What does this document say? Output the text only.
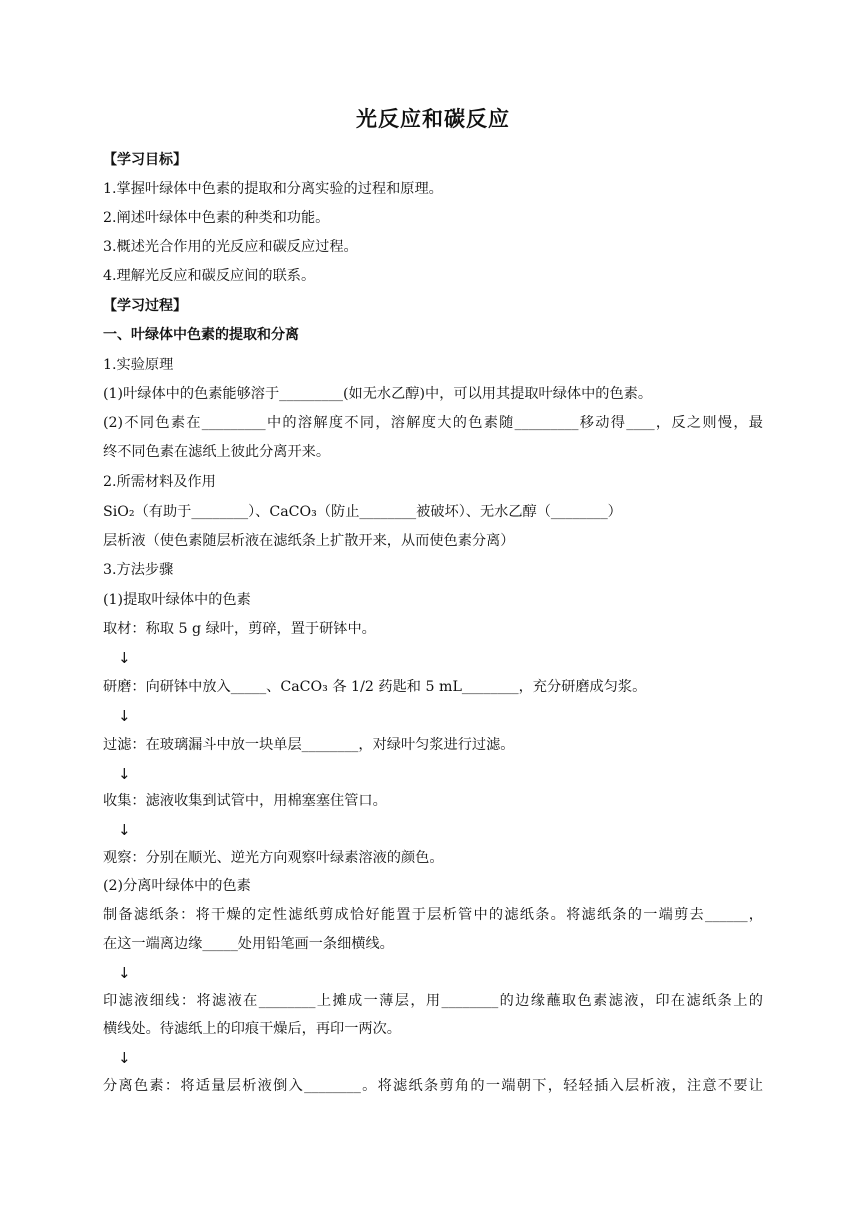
光反应和碳反应
【学习目标】
1.掌握叶绿体中色素的提取和分离实验的过程和原理。
2.阐述叶绿体中色素的种类和功能。
3.概述光合作用的光反应和碳反应过程。
4.理解光反应和碳反应间的联系。
【学习过程】
一、叶绿体中色素的提取和分离
1.实验原理
(1)叶绿体中的色素能够溶于_________(如无水乙醇)中，可以用其提取叶绿体中的色素。
(2)不同色素在_________中的溶解度不同，溶解度大的色素随_________移动得____，反之则慢，最
终不同色素在滤纸上彼此分离开来。
2.所需材料及作用
SiO₂（有助于________）、CaCO₃（防止________被破坏）、无水乙醇（________）
层析液（使色素随层析液在滤纸条上扩散开来，从而使色素分离）
3.方法步骤
(1)提取叶绿体中的色素
取材：称取 5 g 绿叶，剪碎，置于研钵中。
↓
研磨：向研钵中放入_____、CaCO₃ 各 1/2 药匙和 5 mL________，充分研磨成匀浆。
↓
过滤：在玻璃漏斗中放一块单层________，对绿叶匀浆进行过滤。
↓
收集：滤液收集到试管中，用棉塞塞住管口。
↓
观察：分别在顺光、逆光方向观察叶绿素溶液的颜色。
(2)分离叶绿体中的色素
制备滤纸条：将干燥的定性滤纸剪成恰好能置于层析管中的滤纸条。将滤纸条的一端剪去______，
在这一端离边缘_____处用铅笔画一条细横线。
↓
印滤液细线：将滤液在________上摊成一薄层，用________的边缘蘸取色素滤液，印在滤纸条上的
横线处。待滤纸上的印痕干燥后，再印一两次。
↓
分离色素：将适量层析液倒入________。将滤纸条剪角的一端朝下，轻轻插入层析液，注意不要让
